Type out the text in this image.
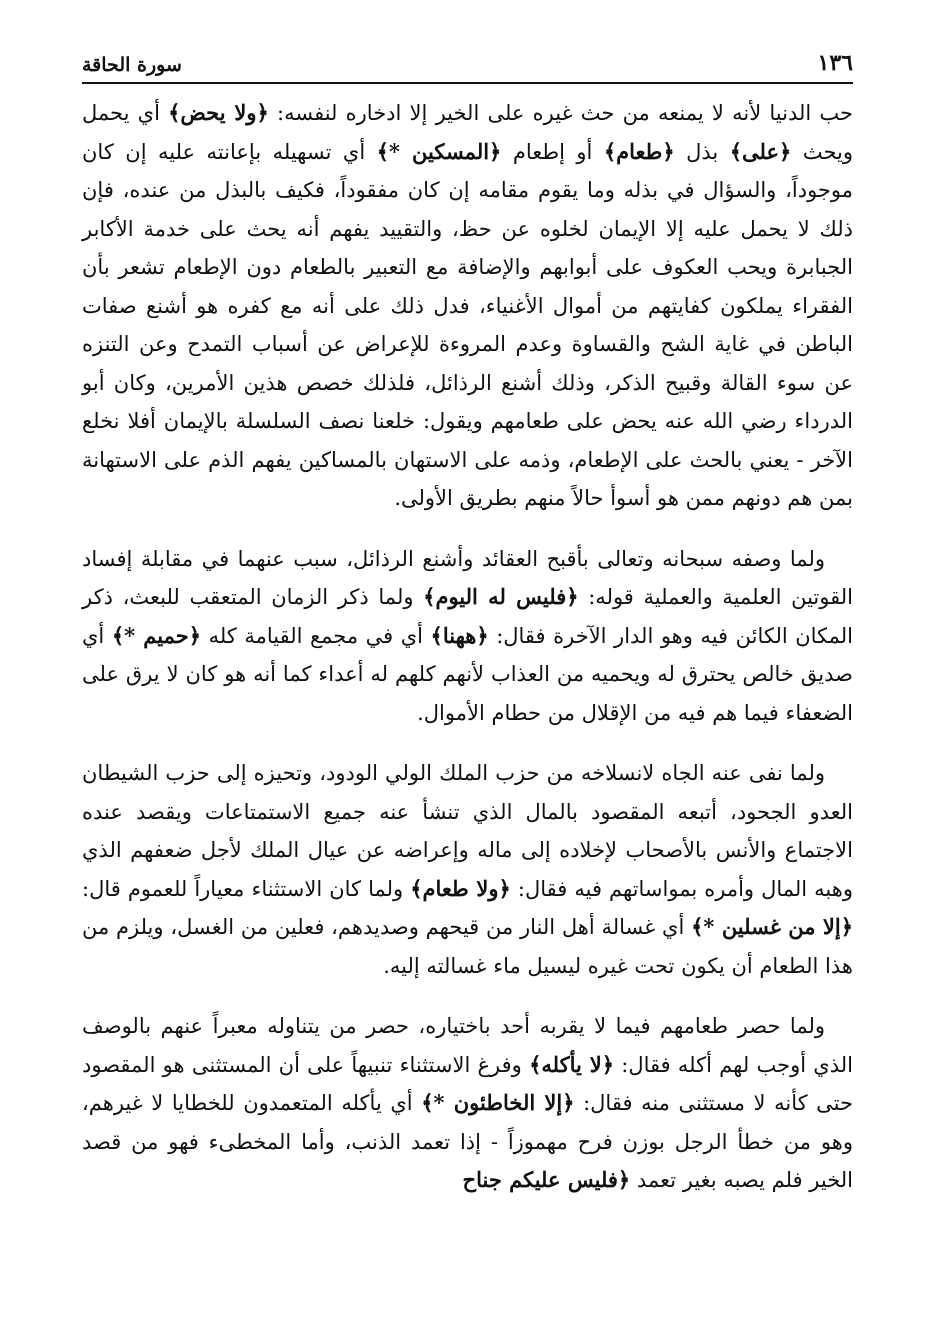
١٣٦
سورة الحاقة

حب الدنيا لأنه لا يمنعه من حث غيره على الخير إلا ادخاره لنفسه: ﴿ولا يحض﴾ أي يحمل ويحث ﴿على﴾ بذل ﴿طعام﴾ أو إطعام ﴿المسكين *﴾ أي تسهيله بإعانته عليه إن كان موجوداً، والسؤال في بذله وما يقوم مقامه إن كان مفقوداً، فكيف بالبذل من عنده، فإن ذلك لا يحمل عليه إلا الإيمان لخلوه عن حظ، والتقييد يفهم أنه يحث على خدمة الأكابر الجبابرة ويحب العكوف على أبوابهم والإضافة مع التعبير بالطعام دون الإطعام تشعر بأن الفقراء يملكون كفايتهم من أموال الأغنياء، فدل ذلك على أنه مع كفره هو أشنع صفات الباطن في غاية الشح والقساوة وعدم المروءة للإعراض عن أسباب التمدح وعن التنزه عن سوء القالة وقبيح الذكر، وذلك أشنع الرذائل، فلذلك خصص هذين الأمرين، وكان أبو الدرداء رضي الله عنه يحض على طعامهم ويقول: خلعنا نصف السلسلة بالإيمان أفلا نخلع الآخر - يعني بالحث على الإطعام، وذمه على الاستهان بالمساكين يفهم الذم على الاستهانة بمن هم دونهم ممن هو أسوأ حالاً منهم بطريق الأولى.

ولما وصفه سبحانه وتعالى بأقبح العقائد وأشنع الرذائل، سبب عنهما في مقابلة إفساد القوتين العلمية والعملية قوله: ﴿فليس له اليوم﴾ ولما ذكر الزمان المتعقب للبعث، ذكر المكان الكائن فيه وهو الدار الآخرة فقال: ﴿ههنا﴾ أي في مجمع القيامة كله ﴿حميم *﴾ أي صديق خالص يحترق له ويحميه من العذاب لأنهم كلهم له أعداء كما أنه هو كان لا يرق على الضعفاء فيما هم فيه من الإقلال من حطام الأموال.

ولما نفى عنه الجاه لانسلاخه من حزب الملك الولي الودود، وتحيزه إلى حزب الشيطان العدو الجحود، أتبعه المقصود بالمال الذي تنشأ عنه جميع الاستمتاعات ويقصد عنده الاجتماع والأنس بالأصحاب لإخلاده إلى ماله وإعراضه عن عيال الملك لأجل ضعفهم الذي وهبه المال وأمره بمواساتهم فيه فقال: ﴿ولا طعام﴾ ولما كان الاستثناء معياراً للعموم قال: ﴿إلا من غسلين *﴾ أي غسالة أهل النار من قيحهم وصديدهم، فعلين من الغسل، ويلزم من هذا الطعام أن يكون تحت غيره ليسيل ماء غسالته إليه.

ولما حصر طعامهم فيما لا يقربه أحد باختياره، حصر من يتناوله معبراً عنهم بالوصف الذي أوجب لهم أكله فقال: ﴿لا يأكله﴾ وفرغ الاستثناء تنبيهاً على أن المستثنى هو المقصود حتى كأنه لا مستثنى منه فقال: ﴿إلا الخاطئون *﴾ أي يأكله المتعمدون للخطايا لا غيرهم، وهو من خطأ الرجل بوزن فرح مهموزاً - إذا تعمد الذنب، وأما المخطىء فهو من قصد الخير فلم يصبه بغير تعمد ﴿فليس عليكم جناح
